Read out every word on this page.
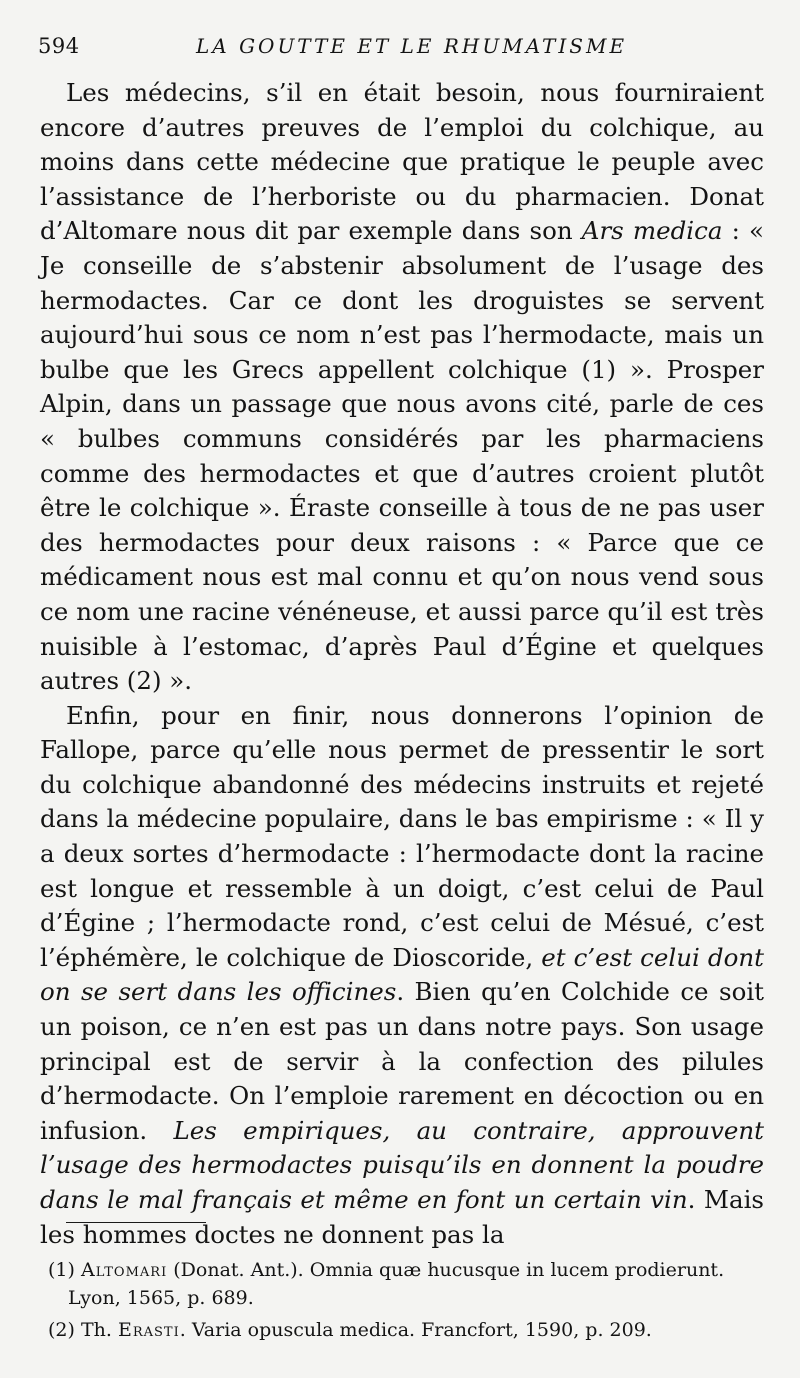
594	LA GOUTTE ET LE RHUMATISME

Les médecins, s’il en était besoin, nous fourniraient encore d’autres preuves de l’emploi du colchique, au moins dans cette médecine que pratique le peuple avec l’assistance de l’herboriste ou du pharmacien. Donat d’Altomare nous dit par exemple dans son Ars medica : « Je conseille de s’abstenir absolument de l’usage des hermodactes. Car ce dont les droguistes se servent aujourd’hui sous ce nom n’est pas l’hermodacte, mais un bulbe que les Grecs appellent colchique (1) ». Prosper Alpin, dans un passage que nous avons cité, parle de ces « bulbes communs considérés par les pharmaciens comme des hermodactes et que d’autres croient plutôt être le colchique ». Éraste conseille à tous de ne pas user des hermodactes pour deux raisons : « Parce que ce médicament nous est mal connu et qu’on nous vend sous ce nom une racine vénéneuse, et aussi parce qu’il est très nuisible à l’estomac, d’après Paul d’Égine et quelques autres (2) ».

Enfin, pour en finir, nous donnerons l’opinion de Fallope, parce qu’elle nous permet de pressentir le sort du colchique abandonné des médecins instruits et rejeté dans la médecine populaire, dans le bas empirisme : « Il y a deux sortes d’hermodacte : l’hermodacte dont la racine est longue et ressemble à un doigt, c’est celui de Paul d’Égine ; l’hermodacte rond, c’est celui de Mésué, c’est l’éphémère, le colchique de Dioscoride, et c’est celui dont on se sert dans les officines. Bien qu’en Colchide ce soit un poison, ce n’en est pas un dans notre pays. Son usage principal est de servir à la confection des pilules d’hermodacte. On l’emploie rarement en décoction ou en infusion. Les empiriques, au contraire, approuvent l’usage des hermodactes puisqu’ils en donnent la poudre dans le mal français et même en font un certain vin. Mais les hommes doctes ne donnent pas la

(1) Altomari (Donat. Ant.). Omnia quæ hucusque in lucem prodierunt. Lyon, 1565, p. 689.

(2) Th. Erasti. Varia opuscula medica. Francfort, 1590, p. 209.
